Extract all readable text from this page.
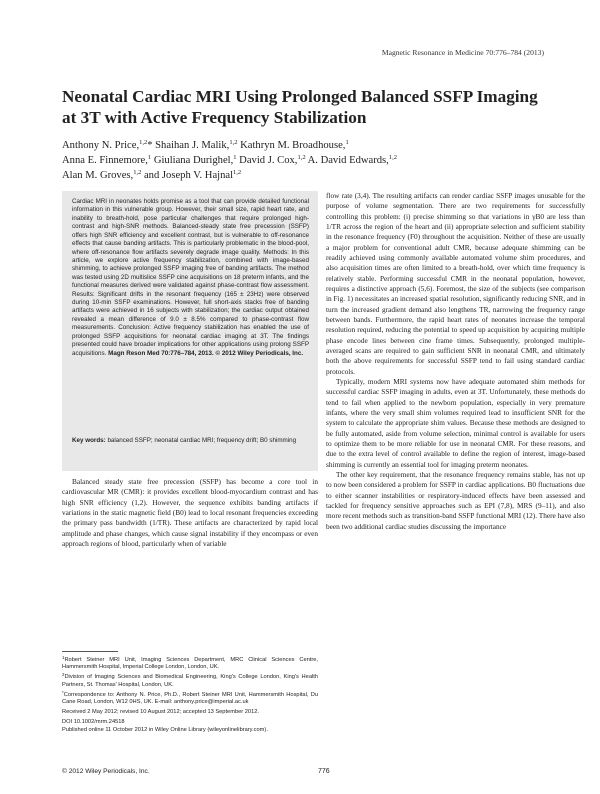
Magnetic Resonance in Medicine 70:776–784 (2013)
Neonatal Cardiac MRI Using Prolonged Balanced SSFP Imaging at 3T with Active Frequency Stabilization
Anthony N. Price,$^{1,2}$* Shaihan J. Malik,$^{1,2}$ Kathryn M. Broadhouse,$^1$
Anna E. Finnemore,$^1$ Giuliana Durighel,$^1$ David J. Cox,$^{1,2}$ A. David Edwards,$^{1,2}$
Alan M. Groves,$^{1,2}$ and Joseph V. Hajnal$^{1,2}$

Cardiac MRI in neonates holds promise as a tool that can provide detailed functional information in this vulnerable group. However, their small size, rapid heart rate, and inability to breath-hold, pose particular challenges that require prolonged high-contrast and high-SNR methods. Balanced-steady state free precession (SSFP) offers high SNR efficiency and excellent contrast, but is vulnerable to off-resonance effects that cause banding artifacts. This is particularly problematic in the blood-pool, where off-resonance flow artifacts severely degrade image quality. Methods: In this article, we explore active frequency stabilization, combined with image-based shimming, to achieve prolonged SSFP imaging free of banding artifacts. The method was tested using 2D multislice SSFP cine acquisitions on 18 preterm infants, and the functional measures derived were validated against phase-contrast flow assessment. Results: Significant drifts in the resonant frequency (165 ± 23Hz) were observed during 10-min SSFP examinations. However, full short-axis stacks free of banding artifacts were achieved in 16 subjects with stabilization; the cardiac output obtained revealed a mean difference of 9.0 ± 8.5% compared to phase-contrast flow measurements. Conclusion: Active frequency stabilization has enabled the use of prolonged SSFP acquisitions for neonatal cardiac imaging at 3T. The findings presented could have broader implications for other applications using prolong SSFP acquisitions. Magn Reson Med 70:776–784, 2013. © 2012 Wiley Periodicals, Inc.

Key words: balanced SSFP; neonatal cardiac MRI; frequency drift; B0 shimming

Balanced steady state free precession (SSFP) has become a core tool in cardiovascular MR (CMR): it provides excellent blood-myocardium contrast and has high SNR efficiency (1,2). However, the sequence exhibits banding artifacts if variations in the static magnetic field (B0) lead to local resonant frequencies exceeding the primary pass bandwidth (1/TR). These artifacts are characterized by rapid local amplitude and phase changes, which cause signal instability if they encompass or even approach regions of blood, particularly when of variable

flow rate (3,4). The resulting artifacts can render cardiac SSFP images unusable for the purpose of volume segmentation. There are two requirements for successfully controlling this problem: (i) precise shimming so that variations in γB0 are less than 1/TR across the region of the heart and (ii) appropriate selection and sufficient stability in the resonance frequency (F0) throughout the acquisition. Neither of these are usually a major problem for conventional adult CMR, because adequate shimming can be readily achieved using commonly available automated volume shim procedures, and also acquisition times are often limited to a breath-hold, over which time frequency is relatively stable. Performing successful CMR in the neonatal population, however, requires a distinctive approach (5,6). Foremost, the size of the subjects (see comparison in Fig. 1) necessitates an increased spatial resolution, significantly reducing SNR, and in turn the increased gradient demand also lengthens TR, narrowing the frequency range between bands. Furthermore, the rapid heart rates of neonates increase the temporal resolution required, reducing the potential to speed up acquisition by acquiring multiple phase encode lines between cine frame times. Subsequently, prolonged multiple-averaged scans are required to gain sufficient SNR in neonatal CMR, and ultimately both the above requirements for successful SSFP tend to fail using standard cardiac protocols.

Typically, modern MRI systems now have adequate automated shim methods for successful cardiac SSFP imaging in adults, even at 3T. Unfortunately, these methods do tend to fail when applied to the newborn population, especially in very premature infants, where the very small shim volumes required lead to insufficient SNR for the system to calculate the appropriate shim values. Because these methods are designed to be fully automated, aside from volume selection, minimal control is available for users to optimize them to be more reliable for use in neonatal CMR. For these reasons, and due to the extra level of control available to define the region of interest, image-based shimming is currently an essential tool for imaging preterm neonates.

The other key requirement, that the resonance frequency remains stable, has not up to now been considered a problem for SSFP in cardiac applications. B0 fluctuations due to either scanner instabilities or respiratory-induced effects have been assessed and tackled for frequency sensitive approaches such as EPI (7,8), MRS (9–11), and also more recent methods such as transition-band SSFP functional MRI (12). There have also been two additional cardiac studies discussing the importance

$^1$Robert Steiner MRI Unit, Imaging Sciences Department, MRC Clinical Sciences Centre, Hammersmith Hospital, Imperial College London, London, UK.

$^2$Division of Imaging Sciences and Biomedical Engineering, King's College London, King's Health Partners, St. Thomas' Hospital, London, UK.

*Correspondence to: Anthony N. Price, Ph.D., Robert Steiner MRI Unit, Hammersmith Hospital, Du Cane Road, London, W12 0HS, UK. E-mail: anthony.price@imperial.ac.uk

Received 2 May 2012; revised 10 August 2012; accepted 13 September 2012.

DOI 10.1002/mrm.24518

Published online 11 October 2012 in Wiley Online Library (wileyonlinelibrary.com).

© 2012 Wiley Periodicals, Inc.	776
